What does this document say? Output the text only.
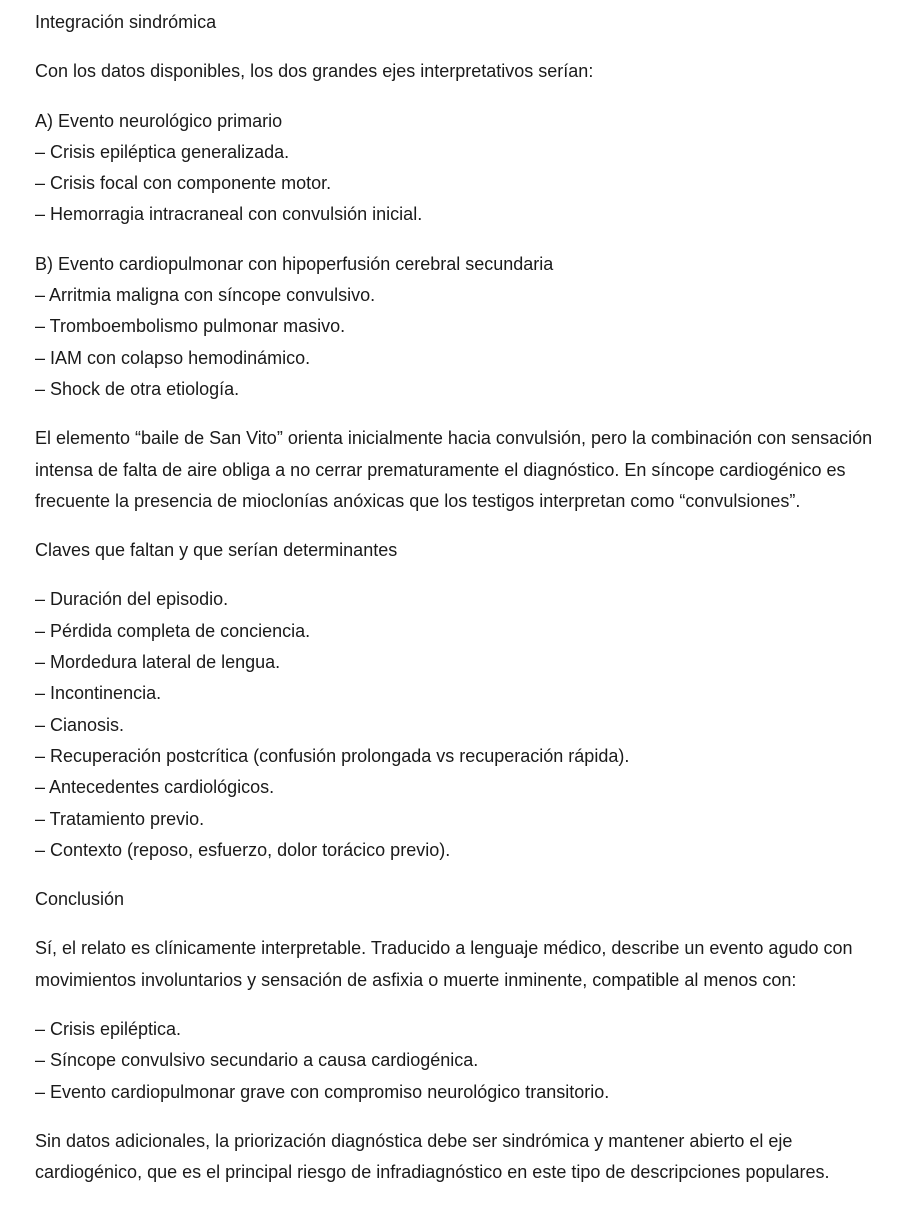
Integración sindrómica
Con los datos disponibles, los dos grandes ejes interpretativos serían:
A) Evento neurológico primario
– Crisis epiléptica generalizada.
– Crisis focal con componente motor.
– Hemorragia intracraneal con convulsión inicial.
B) Evento cardiopulmonar con hipoperfusión cerebral secundaria
– Arritmia maligna con síncope convulsivo.
– Tromboembolismo pulmonar masivo.
– IAM con colapso hemodinámico.
– Shock de otra etiología.
El elemento “baile de San Vito” orienta inicialmente hacia convulsión, pero la combinación con sensación
intensa de falta de aire obliga a no cerrar prematuramente el diagnóstico. En síncope cardiogénico es
frecuente la presencia de mioclonías anóxicas que los testigos interpretan como “convulsiones”.
Claves que faltan y que serían determinantes
– Duración del episodio.
– Pérdida completa de conciencia.
– Mordedura lateral de lengua.
– Incontinencia.
– Cianosis.
– Recuperación postcrítica (confusión prolongada vs recuperación rápida).
– Antecedentes cardiológicos.
– Tratamiento previo.
– Contexto (reposo, esfuerzo, dolor torácico previo).
Conclusión
Sí, el relato es clínicamente interpretable. Traducido a lenguaje médico, describe un evento agudo con
movimientos involuntarios y sensación de asfixia o muerte inminente, compatible al menos con:
– Crisis epiléptica.
– Síncope convulsivo secundario a causa cardiogénica.
– Evento cardiopulmonar grave con compromiso neurológico transitorio.
Sin datos adicionales, la priorización diagnóstica debe ser sindrómica y mantener abierto el eje
cardiogénico, que es el principal riesgo de infradiagnóstico en este tipo de descripciones populares.
